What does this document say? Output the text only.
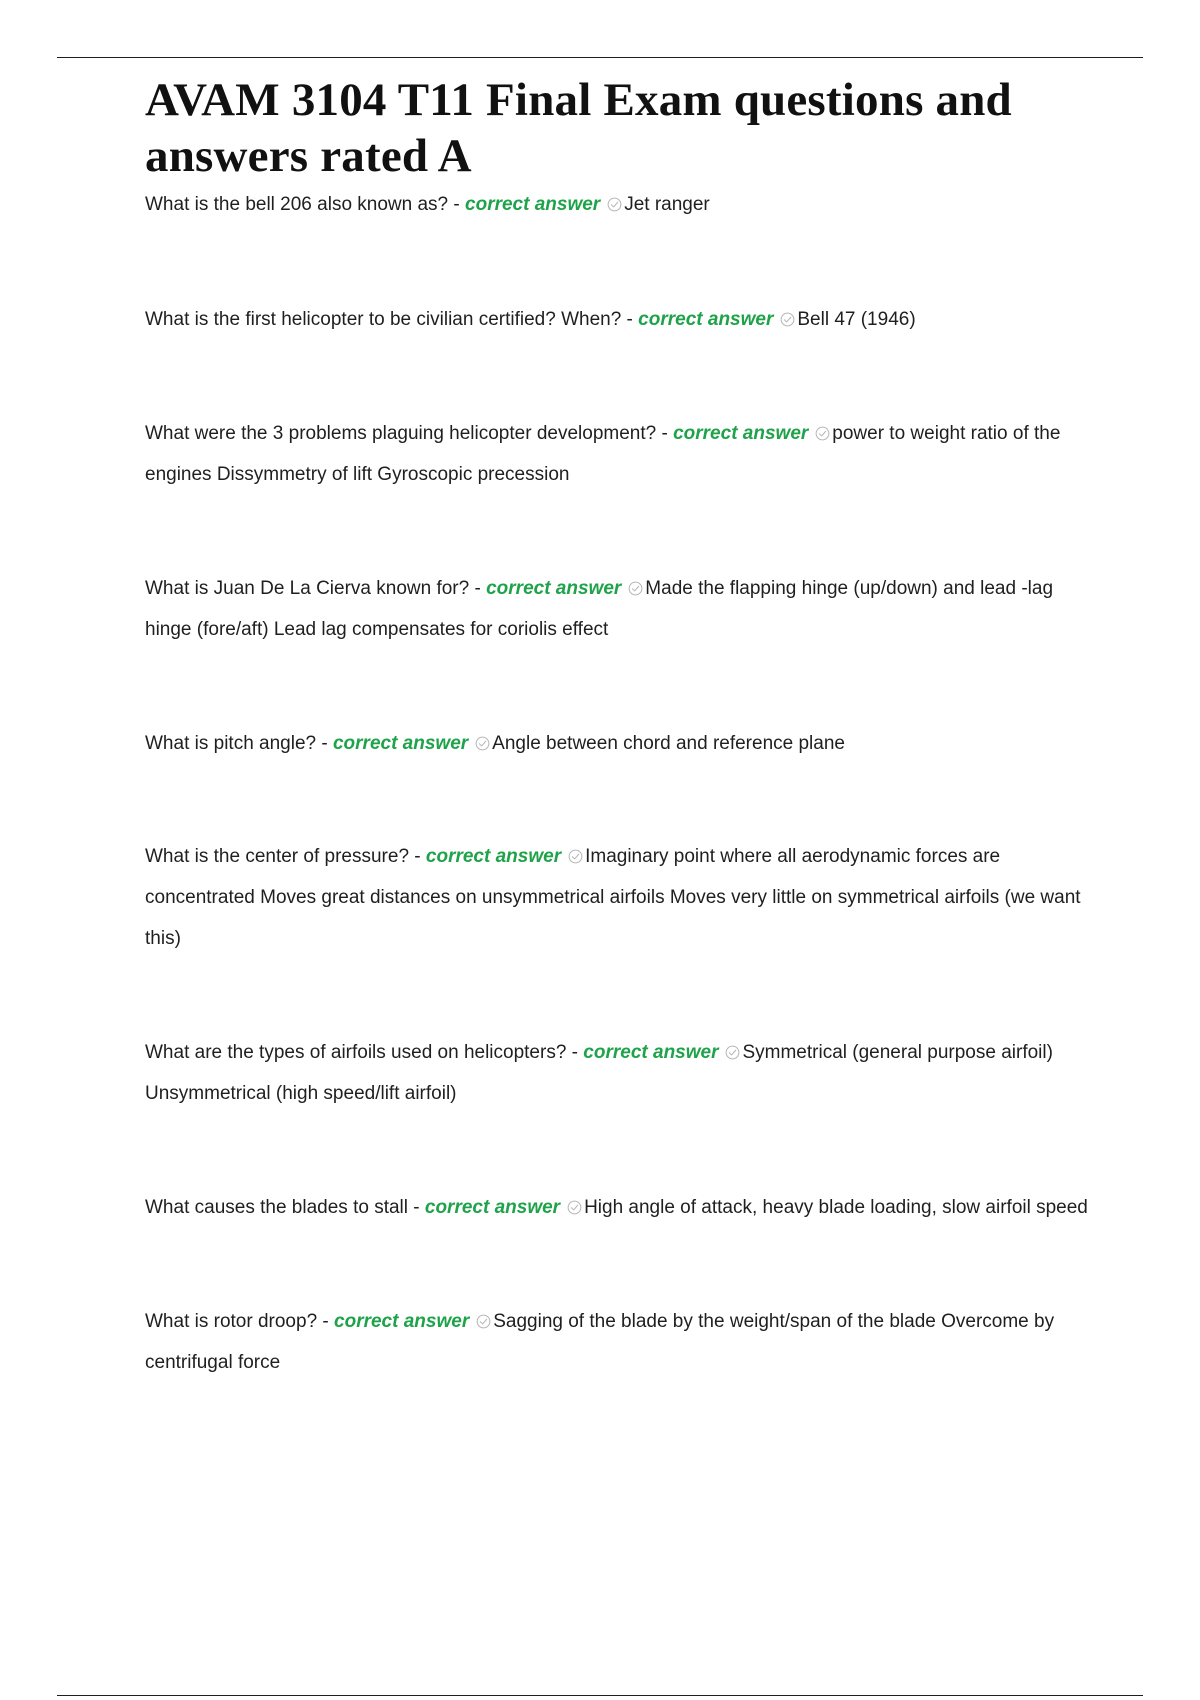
AVAM 3104 T11 Final Exam questions and answers rated A

What is the bell 206 also known as? - correct answer Jet ranger

What is the first helicopter to be civilian certified? When? - correct answer Bell 47 (1946)

What were the 3 problems plaguing helicopter development? - correct answer power to weight ratio of the engines Dissymmetry of lift Gyroscopic precession

What is Juan De La Cierva known for? - correct answer Made the flapping hinge (up/down) and lead -lag hinge (fore/aft) Lead lag compensates for coriolis effect

What is pitch angle? - correct answer Angle between chord and reference plane

What is the center of pressure? - correct answer Imaginary point where all aerodynamic forces are concentrated Moves great distances on unsymmetrical airfoils Moves very little on symmetrical airfoils (we want this)

What are the types of airfoils used on helicopters? - correct answer Symmetrical (general purpose airfoil) Unsymmetrical (high speed/lift airfoil)

What causes the blades to stall - correct answer High angle of attack, heavy blade loading, slow airfoil speed

What is rotor droop? - correct answer Sagging of the blade by the weight/span of the blade Overcome by centrifugal force
